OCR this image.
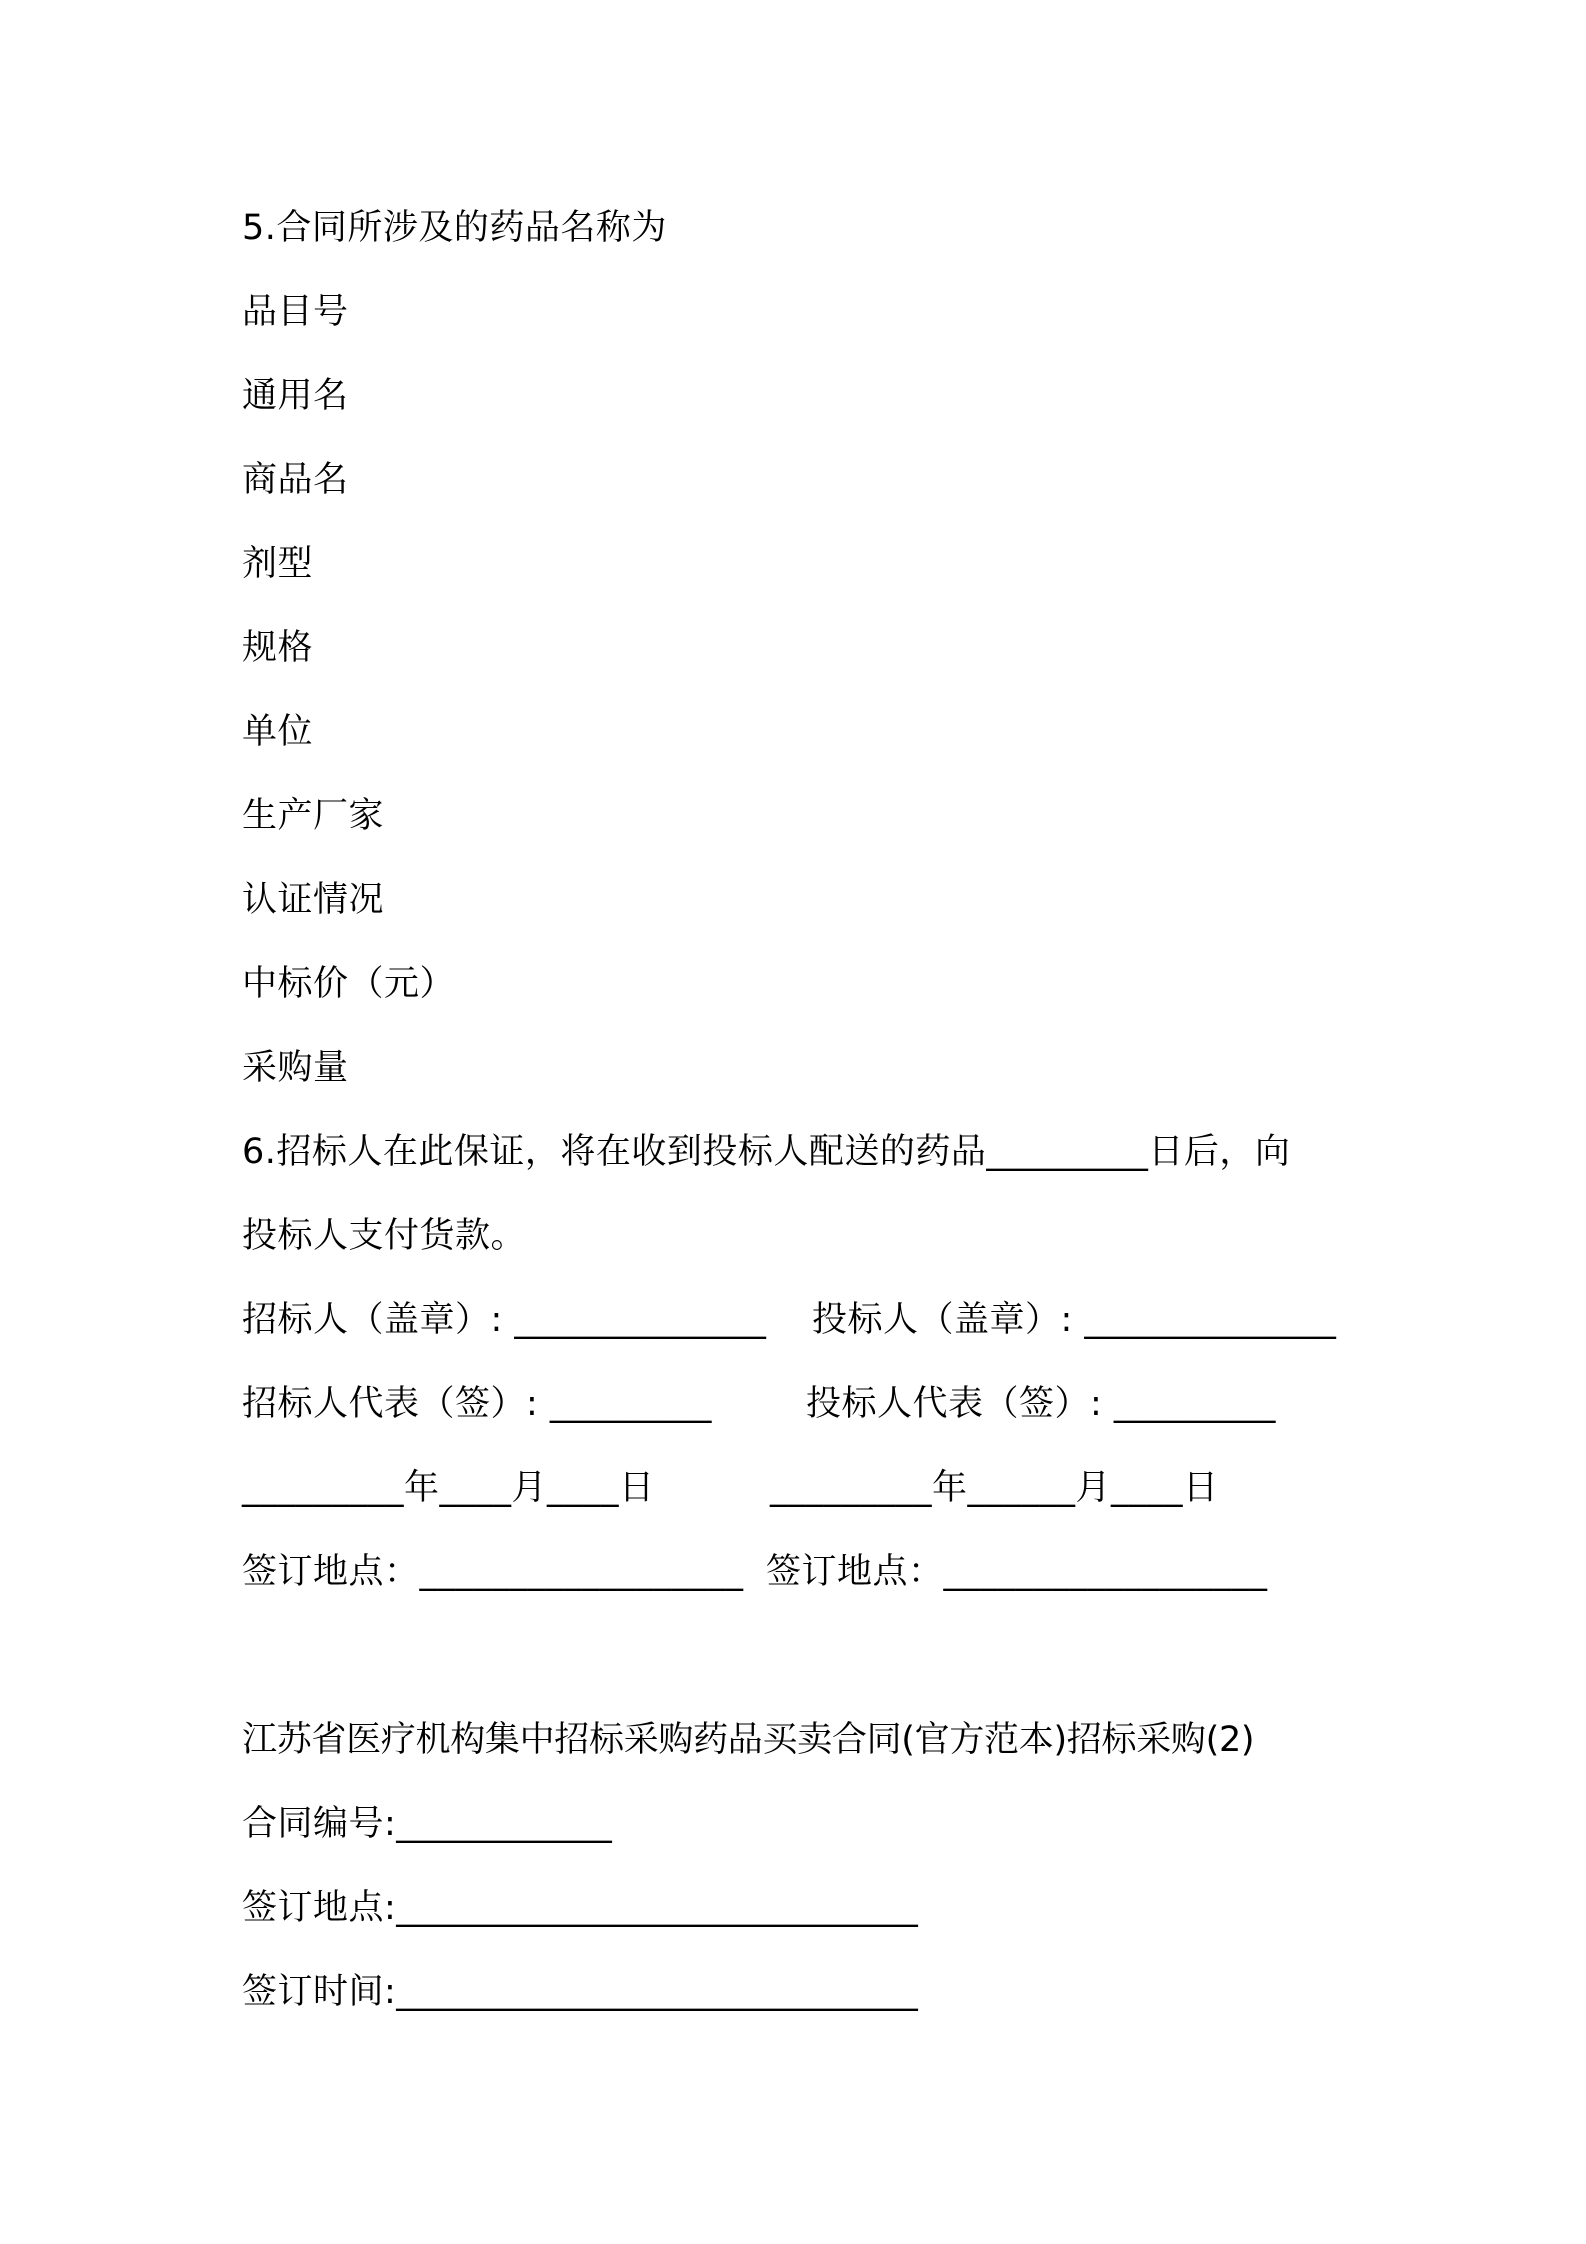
5.合同所涉及的药品名称为
品目号
通用名
商品名
剂型
规格
单位
生产厂家
认证情况
中标价（元）
采购量
6.招标人在此保证，将在收到投标人配送的药品_________日后，向
投标人支付货款。
招标人（盖章）: ______________ 投标人（盖章）: ______________
招标人代表（签）: _________	投标人代表（签）: _________
_________年____月____日	_________年______月____日
签订地点：__________________ 签订地点：__________________
江苏省医疗机构集中招标采购药品买卖合同(官方范本)招标采购(2)
合同编号:____________
签订地点:_____________________________
签订时间:_____________________________
